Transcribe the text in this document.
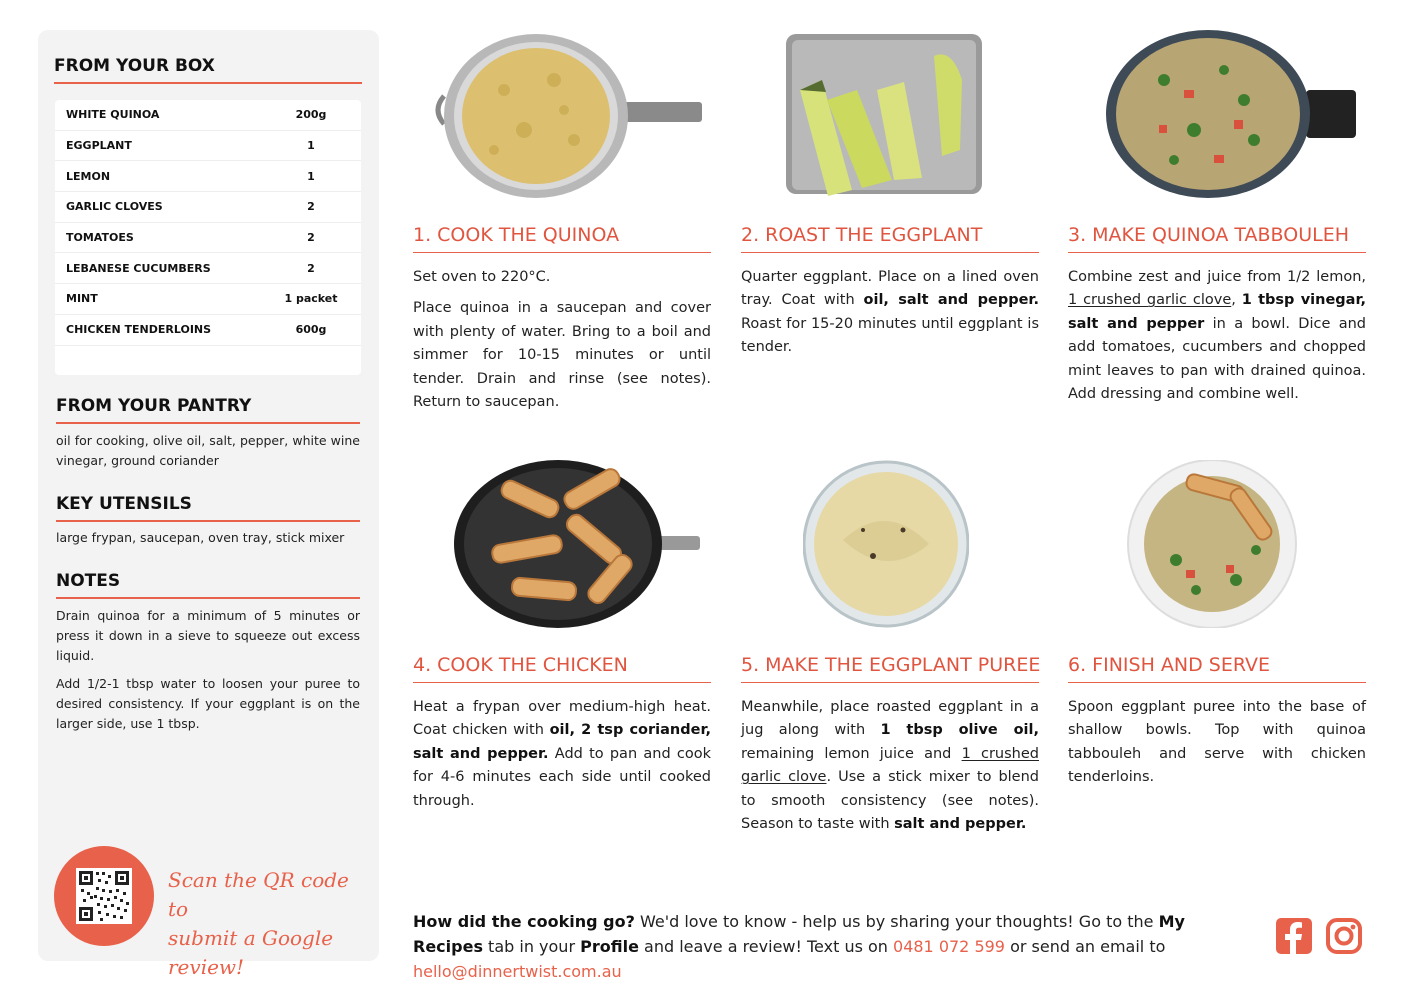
FROM YOUR BOX
WHITE QUINOA	200g
EGGPLANT	1
LEMON	1
GARLIC CLOVES	2
TOMATOES	2
LEBANESE CUCUMBERS	2
MINT	1 packet
CHICKEN TENDERLOINS	600g
FROM YOUR PANTRY
oil for cooking, olive oil, salt, pepper, white wine vinegar, ground coriander
KEY UTENSILS
large frypan, saucepan, oven tray, stick mixer
NOTES

Drain quinoa for a minimum of 5 minutes or press it down in a sieve to squeeze out excess liquid.

Add 1/2-1 tbsp water to loosen your puree to desired consistency. If your eggplant is on the larger side, use 1 tbsp.

Scan the QR code to
submit a Google review!
1. COOK THE QUINOA

Set oven to 220°C.

Place quinoa in a saucepan and cover with plenty of water. Bring to a boil and simmer for 10-15 minutes or until tender. Drain and rinse (see notes). Return to saucepan.

2. ROAST THE EGGPLANT

Quarter eggplant. Place on a lined oven tray. Coat with oil, salt and pepper. Roast for 15-20 minutes until eggplant is tender.

3. MAKE QUINOA TABBOULEH

Combine zest and juice from 1/2 lemon, 1 crushed garlic clove, 1 tbsp vinegar, salt and pepper in a bowl. Dice and add tomatoes, cucumbers and chopped mint leaves to pan with drained quinoa. Add dressing and combine well.

4. COOK THE CHICKEN

Heat a frypan over medium-high heat. Coat chicken with oil, 2 tsp coriander, salt and pepper. Add to pan and cook for 4-6 minutes each side until cooked through.

5. MAKE THE EGGPLANT PUREE

Meanwhile, place roasted eggplant in a jug along with 1 tbsp olive oil, remaining lemon juice and 1 crushed garlic clove. Use a stick mixer to blend to smooth consistency (see notes). Season to taste with salt and pepper.

6. FINISH AND SERVE

Spoon eggplant puree into the base of shallow bowls. Top with quinoa tabbouleh and serve with chicken tenderloins.

How did the cooking go? We'd love to know - help us by sharing your thoughts! Go to the My Recipes tab in your Profile and leave a review! Text us on 0481 072 599 or send an email to hello@dinnertwist.com.au
